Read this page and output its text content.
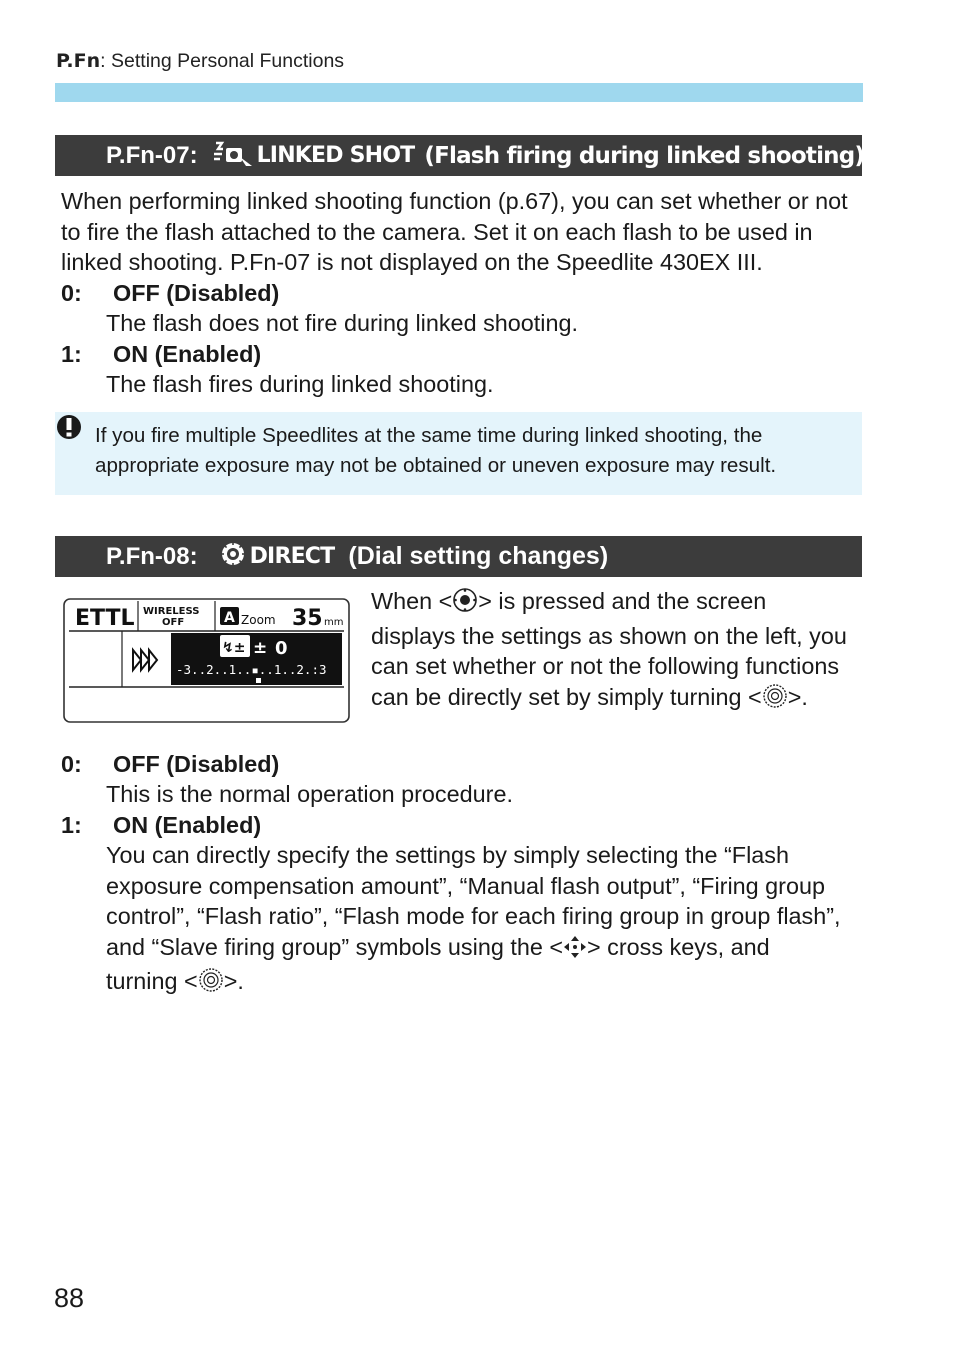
P.Fn: Setting Personal Functions
P.Fn-07:	LINKED SHOT (Flash firing during linked shooting)
When performing linked shooting function (p.67), you can set whether or not to fire the flash attached to the camera. Set it on each flash to be used in linked shooting. P.Fn-07 is not displayed on the Speedlite 430EX III.
0: OFF (Disabled)
The flash does not fire during linked shooting.
1: ON (Enabled)
The flash fires during linked shooting.
If you fire multiple Speedlites at the same time during linked shooting, the appropriate exposure may not be obtained or uneven exposure may result.
P.Fn-08: DIRECT (Dial setting changes)
ETTL WIRELESS
OFF	A Zoom 35 mm
↯± ± 0
-3..2..1..▪..1..2.:3
When < > is pressed and the screen
displays the settings as shown on the left, you
can set whether or not the following functions
can be directly set by simply turning < >.
0: OFF (Disabled)
This is the normal operation procedure.
1: ON (Enabled)
You can directly specify the settings by simply selecting the “Flash
exposure compensation amount”, “Manual flash output”, “Firing group
control”, “Flash ratio”, “Flash mode for each firing group in group flash”,
and “Slave firing group” symbols using the < > cross keys, and
turning < >.
88
